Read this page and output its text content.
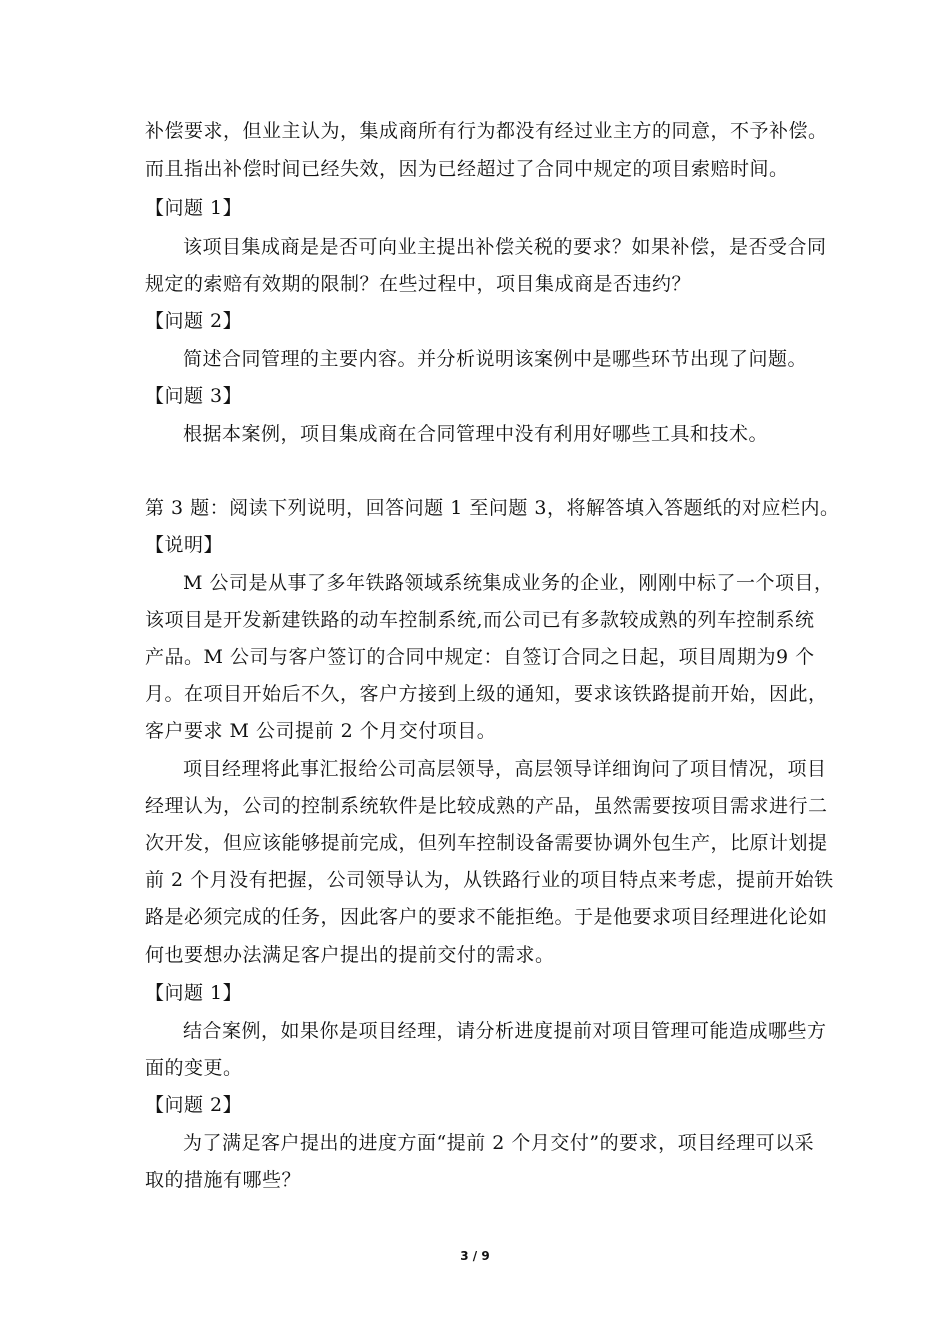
补偿要求，但业主认为，集成商所有行为都没有经过业主方的同意，不予补偿。
而且指出补偿时间已经失效，因为已经超过了合同中规定的项目索赔时间。
【问题 1】
该项目集成商是是否可向业主提出补偿关税的要求？如果补偿，是否受合同
规定的索赔有效期的限制？在些过程中，项目集成商是否违约？
【问题 2】
简述合同管理的主要内容。并分析说明该案例中是哪些环节出现了问题。
【问题 3】
根据本案例，项目集成商在合同管理中没有利用好哪些工具和技术。
第 3 题：阅读下列说明，回答问题 1 至问题 3，将解答填入答题纸的对应栏内。
【说明】
M 公司是从事了多年铁路领域系统集成业务的企业，刚刚中标了一个项目，
该项目是开发新建铁路的动车控制系统,而公司已有多款较成熟的列车控制系统
产品。M 公司与客户签订的合同中规定：自签订合同之日起，项目周期为9 个
月。在项目开始后不久，客户方接到上级的通知，要求该铁路提前开始，因此，
客户要求 M 公司提前 2 个月交付项目。
项目经理将此事汇报给公司高层领导，高层领导详细询问了项目情况，项目
经理认为，公司的控制系统软件是比较成熟的产品，虽然需要按项目需求进行二
次开发，但应该能够提前完成，但列车控制设备需要协调外包生产，比原计划提
前 2 个月没有把握，公司领导认为，从铁路行业的项目特点来考虑，提前开始铁
路是必须完成的任务，因此客户的要求不能拒绝。于是他要求项目经理进化论如
何也要想办法满足客户提出的提前交付的需求。
【问题 1】
结合案例，如果你是项目经理，请分析进度提前对项目管理可能造成哪些方
面的变更。
【问题 2】
为了满足客户提出的进度方面“提前 2 个月交付”的要求，项目经理可以采
取的措施有哪些？
3 / 9
